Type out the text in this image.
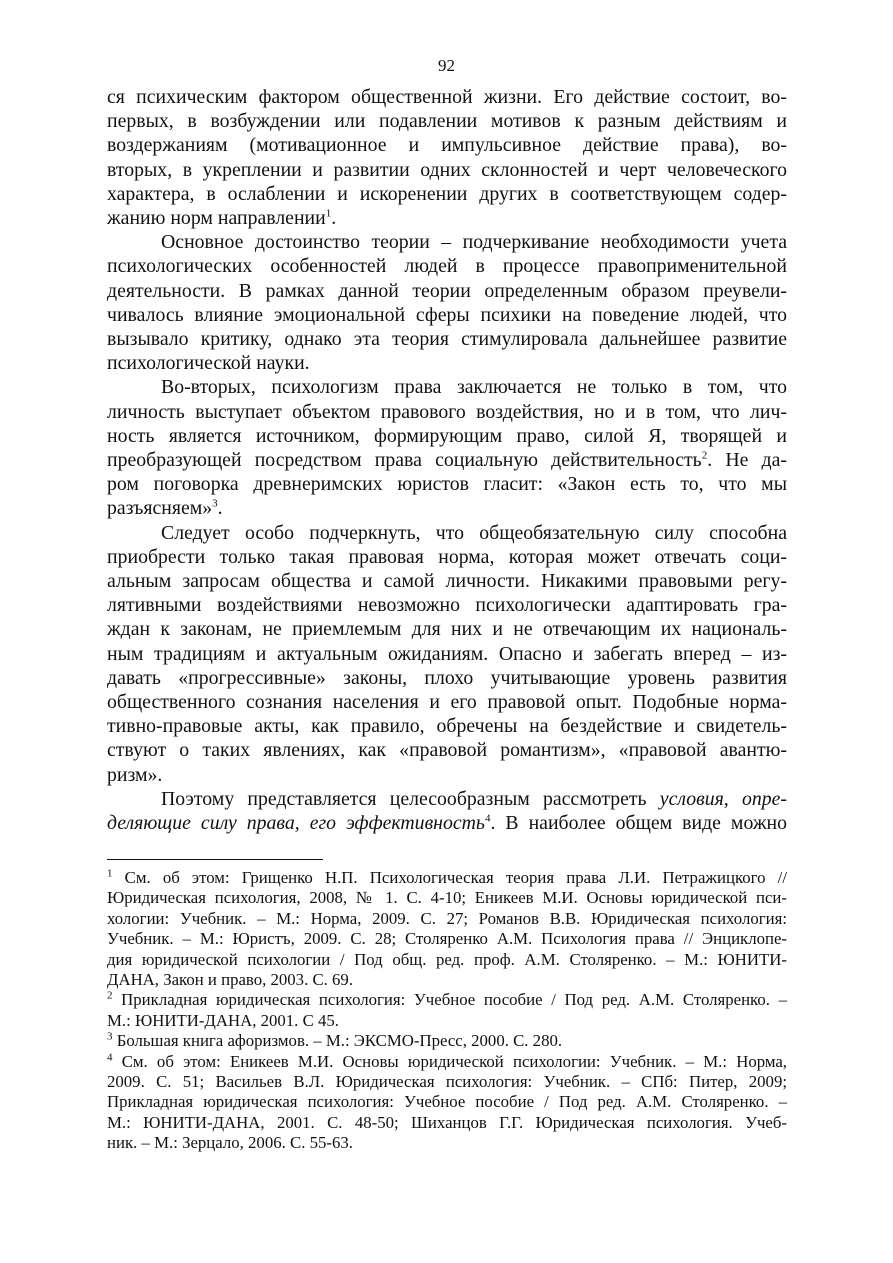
92

ся психическим фактором общественной жизни. Его действие состоит, во-
первых, в возбуждении или подавлении мотивов к разным действиям и
воздержаниям (мотивационное и импульсивное действие права), во-
вторых, в укреплении и развитии одних склонностей и черт человеческого
характера, в ослаблении и искоренении других в соответствующем содер-
жанию норм направлении$^1$.

Основное достоинство теории – подчеркивание необходимости учета
психологических особенностей людей в процессе правоприменительной
деятельности. В рамках данной теории определенным образом преувели-
чивалось влияние эмоциональной сферы психики на поведение людей, что
вызывало критику, однако эта теория стимулировала дальнейшее развитие
психологической науки.

Во-вторых, психологизм права заключается не только в том, что
личность выступает объектом правового воздействия, но и в том, что лич-
ность является источником, формирующим право, силой Я, творящей и
преобразующей посредством права социальную действительность$^2$. Не да-
ром поговорка древнеримских юристов гласит: «Закон есть то, что мы
разъясняем»$^3$.

Следует особо подчеркнуть, что общеобязательную силу способна
приобрести только такая правовая норма, которая может отвечать соци-
альным запросам общества и самой личности. Никакими правовыми регу-
лятивными воздействиями невозможно психологически адаптировать гра-
ждан к законам, не приемлемым для них и не отвечающим их националь-
ным традициям и актуальным ожиданиям. Опасно и забегать вперед – из-
давать «прогрессивные» законы, плохо учитывающие уровень развития
общественного сознания населения и его правовой опыт. Подобные норма-
тивно-правовые акты, как правило, обречены на бездействие и свидетель-
ствуют о таких явлениях, как «правовой романтизм», «правовой авантю-
ризм».

Поэтому представляется целесообразным рассмотреть условия, опре-
деляющие силу права, его эффективность$^4$. В наиболее общем виде можно

$^1$ См. об этом: Грищенко Н.П. Психологическая теория права Л.И. Петражицкого //
Юридическая психология, 2008, № 1. С. 4-10; Еникеев М.И. Основы юридической пси-
хологии: Учебник. – М.: Норма, 2009. С. 27; Романов В.В. Юридическая психология:
Учебник. – М.: Юристъ, 2009. С. 28; Столяренко А.М. Психология права // Энциклопе-
дия юридической психологии / Под общ. ред. проф. А.М. Столяренко. – М.: ЮНИТИ-
ДАНА, Закон и право, 2003. С. 69.

$^2$ Прикладная юридическая психология: Учебное пособие / Под ред. А.М. Столяренко. –
М.: ЮНИТИ-ДАНА, 2001. С 45.

$^3$ Большая книга афоризмов. – М.: ЭКСМО-Пресс, 2000. С. 280.

$^4$ См. об этом: Еникеев М.И. Основы юридической психологии: Учебник. – М.: Норма,
2009. С. 51; Васильев В.Л. Юридическая психология: Учебник. – СПб: Питер, 2009;
Прикладная юридическая психология: Учебное пособие / Под ред. А.М. Столяренко. –
М.: ЮНИТИ-ДАНА, 2001. С. 48-50; Шиханцов Г.Г. Юридическая психология. Учеб-
ник. – М.: Зерцало, 2006. С. 55-63.
